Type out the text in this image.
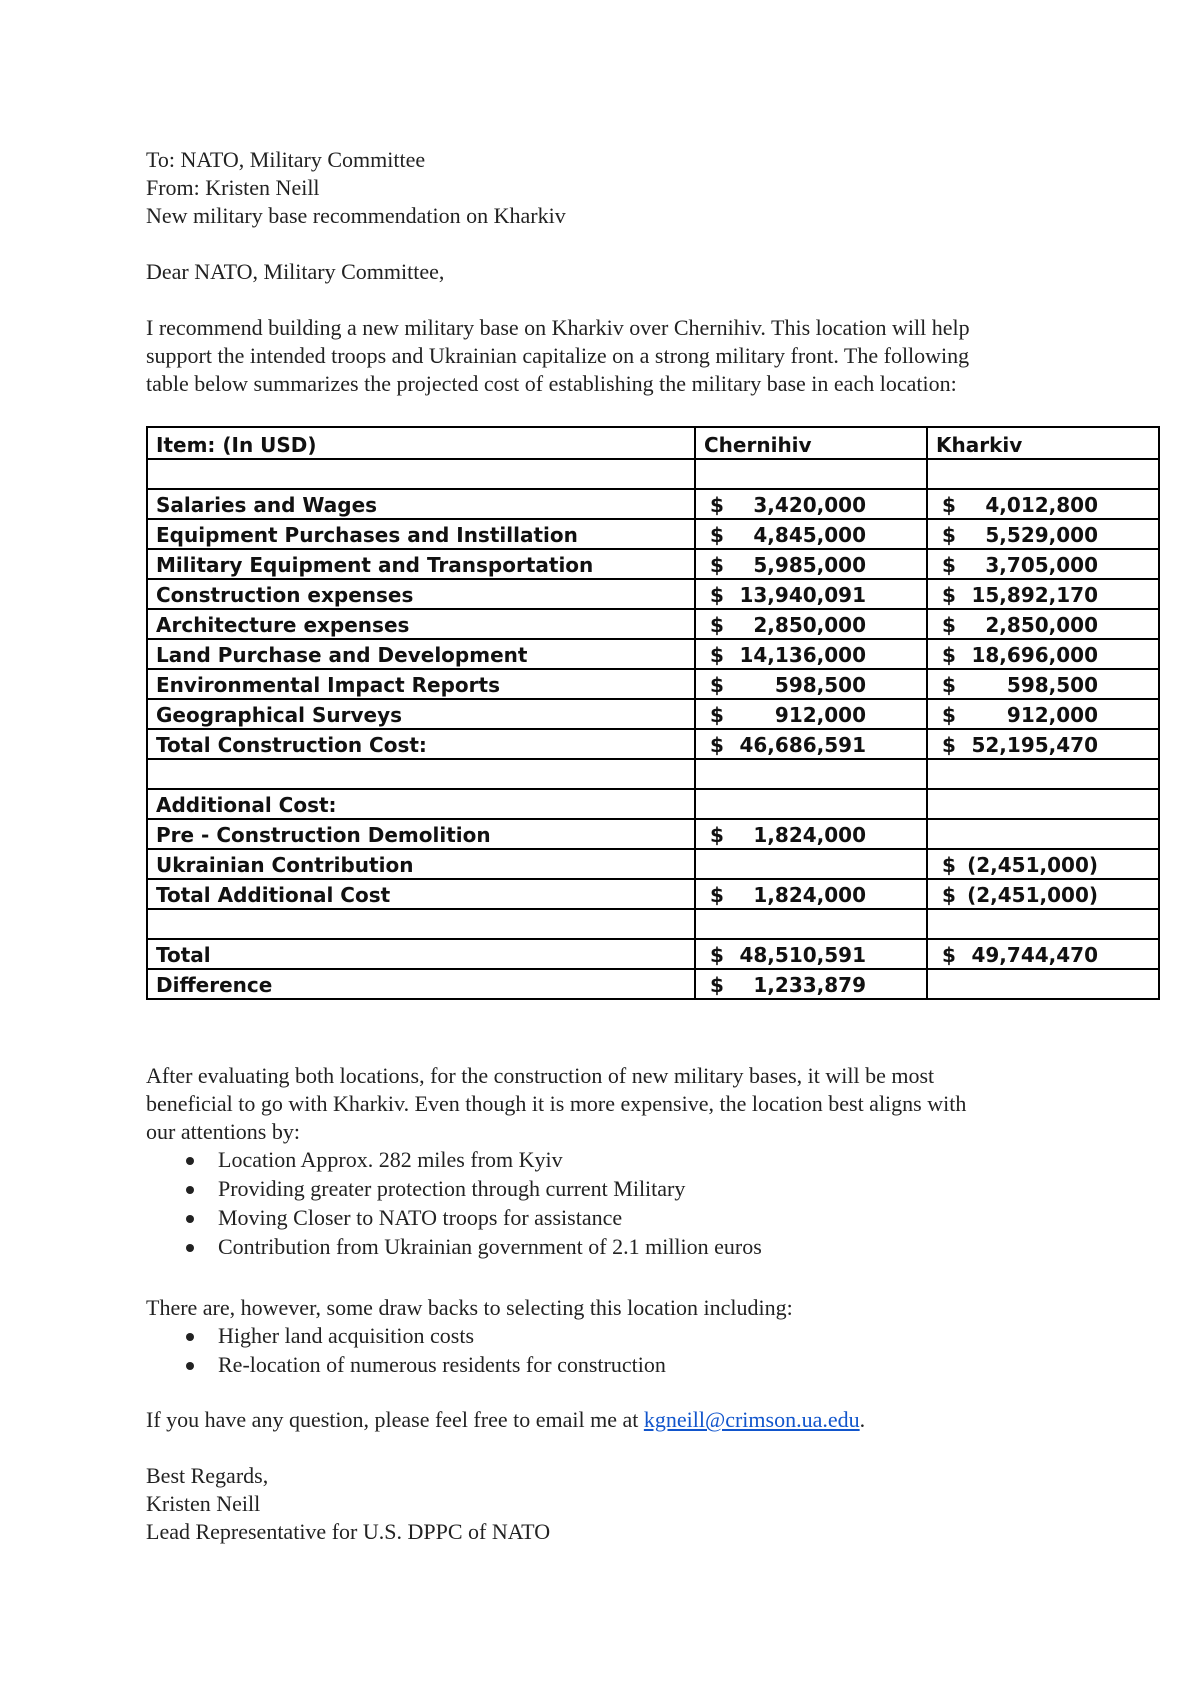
To: NATO, Military Committee
From: Kristen Neill
New military base recommendation on Kharkiv
Dear NATO, Military Committee,
I recommend building a new military base on Kharkiv over Chernihiv. This location will help
support the intended troops and Ukrainian capitalize on a strong military front. The following
table below summarizes the projected cost of establishing the military base in each location:
Item: (In USD)	Chernihiv	Kharkiv

Salaries and Wages	$ 3,420,000	$ 4,012,800

Equipment Purchases and Instillation	$ 4,845,000	$ 5,529,000

Military Equipment and Transportation	$ 5,985,000	$ 3,705,000

Construction expenses	$ 13,940,091	$ 15,892,170

Architecture expenses	$ 2,850,000	$ 2,850,000

Land Purchase and Development	$ 14,136,000	$ 18,696,000

Environmental Impact Reports	$ 598,500	$ 598,500

Geographical Surveys	$ 912,000	$ 912,000

Total Construction Cost:	$ 46,686,591	$ 52,195,470

Additional Cost:		
Pre - Construction Demolition	$ 1,824,000	

Ukrainian Contribution		$ (2,451,000)

Total Additional Cost	$ 1,824,000	$ (2,451,000)

Total	$ 48,510,591	$ 49,744,470

Difference	$ 1,233,879	

After evaluating both locations, for the construction of new military bases, it will be most
beneficial to go with Kharkiv. Even though it is more expensive, the location best aligns with
our attentions by:
Location Approx. 282 miles from Kyiv
Providing greater protection through current Military
Moving Closer to NATO troops for assistance
Contribution from Ukrainian government of 2.1 million euros
There are, however, some draw backs to selecting this location including:
Higher land acquisition costs
Re-location of numerous residents for construction
If you have any question, please feel free to email me at kgneill@crimson.ua.edu.
Best Regards,
Kristen Neill
Lead Representative for U.S. DPPC of NATO
